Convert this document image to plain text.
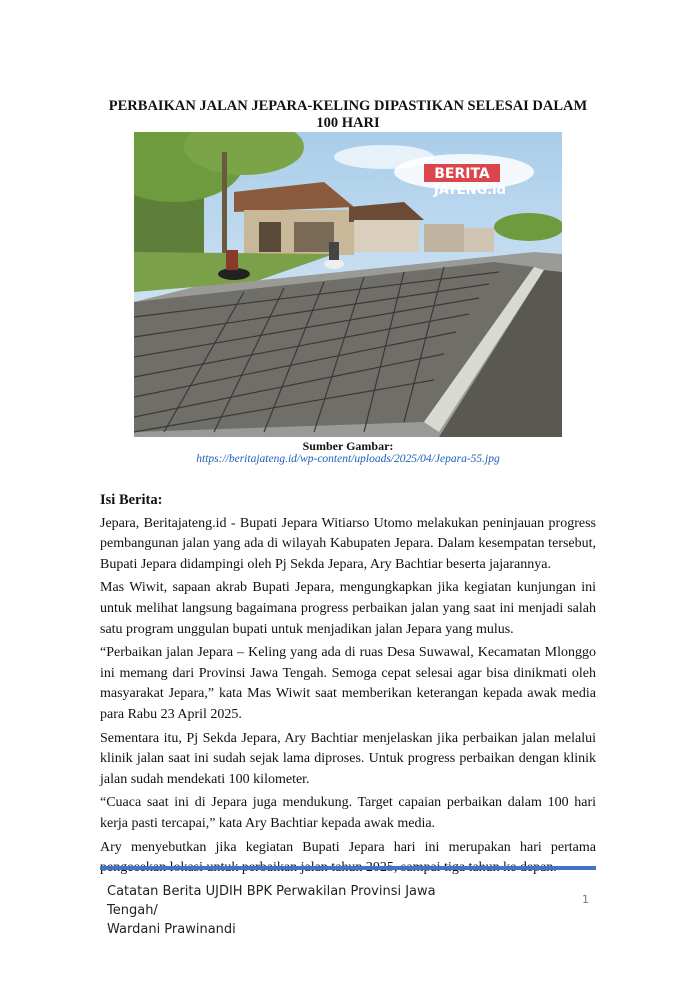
PERBAIKAN JALAN JEPARA-KELING DIPASTIKAN SELESAI DALAM 100 HARI
BERITA
JATENG.id
Sumber Gambar:
https://beritajateng.id/wp-content/uploads/2025/04/Jepara-55.jpg
Isi Berita:

Jepara, Beritajateng.id - Bupati Jepara Witiarso Utomo melakukan peninjauan progress pembangunan jalan yang ada di wilayah Kabupaten Jepara. Dalam kesempatan tersebut, Bupati Jepara didampingi oleh Pj Sekda Jepara, Ary Bachtiar beserta jajarannya.

Mas Wiwit, sapaan akrab Bupati Jepara, mengungkapkan jika kegiatan kunjungan ini untuk melihat langsung bagaimana progress perbaikan jalan yang saat ini menjadi salah satu program unggulan bupati untuk menjadikan jalan Jepara yang mulus.

“Perbaikan jalan Jepara – Keling yang ada di ruas Desa Suwawal, Kecamatan Mlonggo ini memang dari Provinsi Jawa Tengah. Semoga cepat selesai agar bisa dinikmati oleh masyarakat Jepara,” kata Mas Wiwit saat memberikan keterangan kepada awak media para Rabu 23 April 2025.

Sementara itu, Pj Sekda Jepara, Ary Bachtiar menjelaskan jika perbaikan jalan melalui klinik jalan saat ini sudah sejak lama diproses. Untuk progress perbaikan dengan klinik jalan sudah mendekati 100 kilometer.

“Cuaca saat ini di Jepara juga mendukung. Target capaian perbaikan dalam 100 hari kerja pasti tercapai,” kata Ary Bachtiar kepada awak media.

Ary menyebutkan jika kegiatan Bupati Jepara hari ini merupakan hari pertama

Catatan Berita UJDIH BPK Perwakilan Provinsi Jawa Tengah/
Wardani Prawinandi
1
